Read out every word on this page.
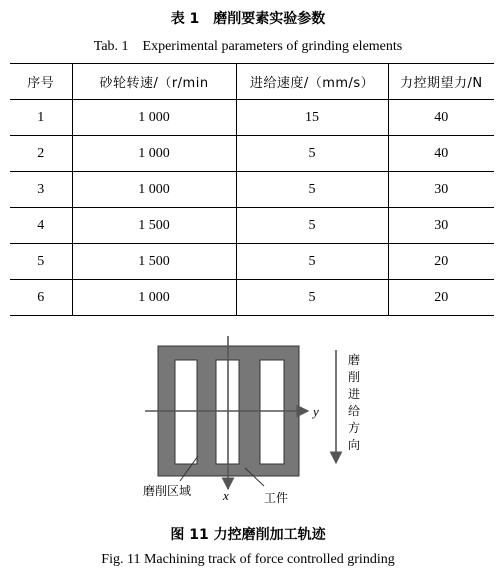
表 1　磨削要素实验参数
Tab. 1　Experimental parameters of grinding elements
序号	砂轮转速/（r/min	进给速度/（mm/s）	力控期望力/N
1	1 000	15	40
2	1 000	5	40
3	1 000	5	30
4	1 500	5	30
5	1 500	5	20
6	1 000	5	20
y
x
磨削区域	工件
磨
削
进
给
方
向
图 11 力控磨削加工轨迹
Fig. 11 Machining track of force controlled grinding
